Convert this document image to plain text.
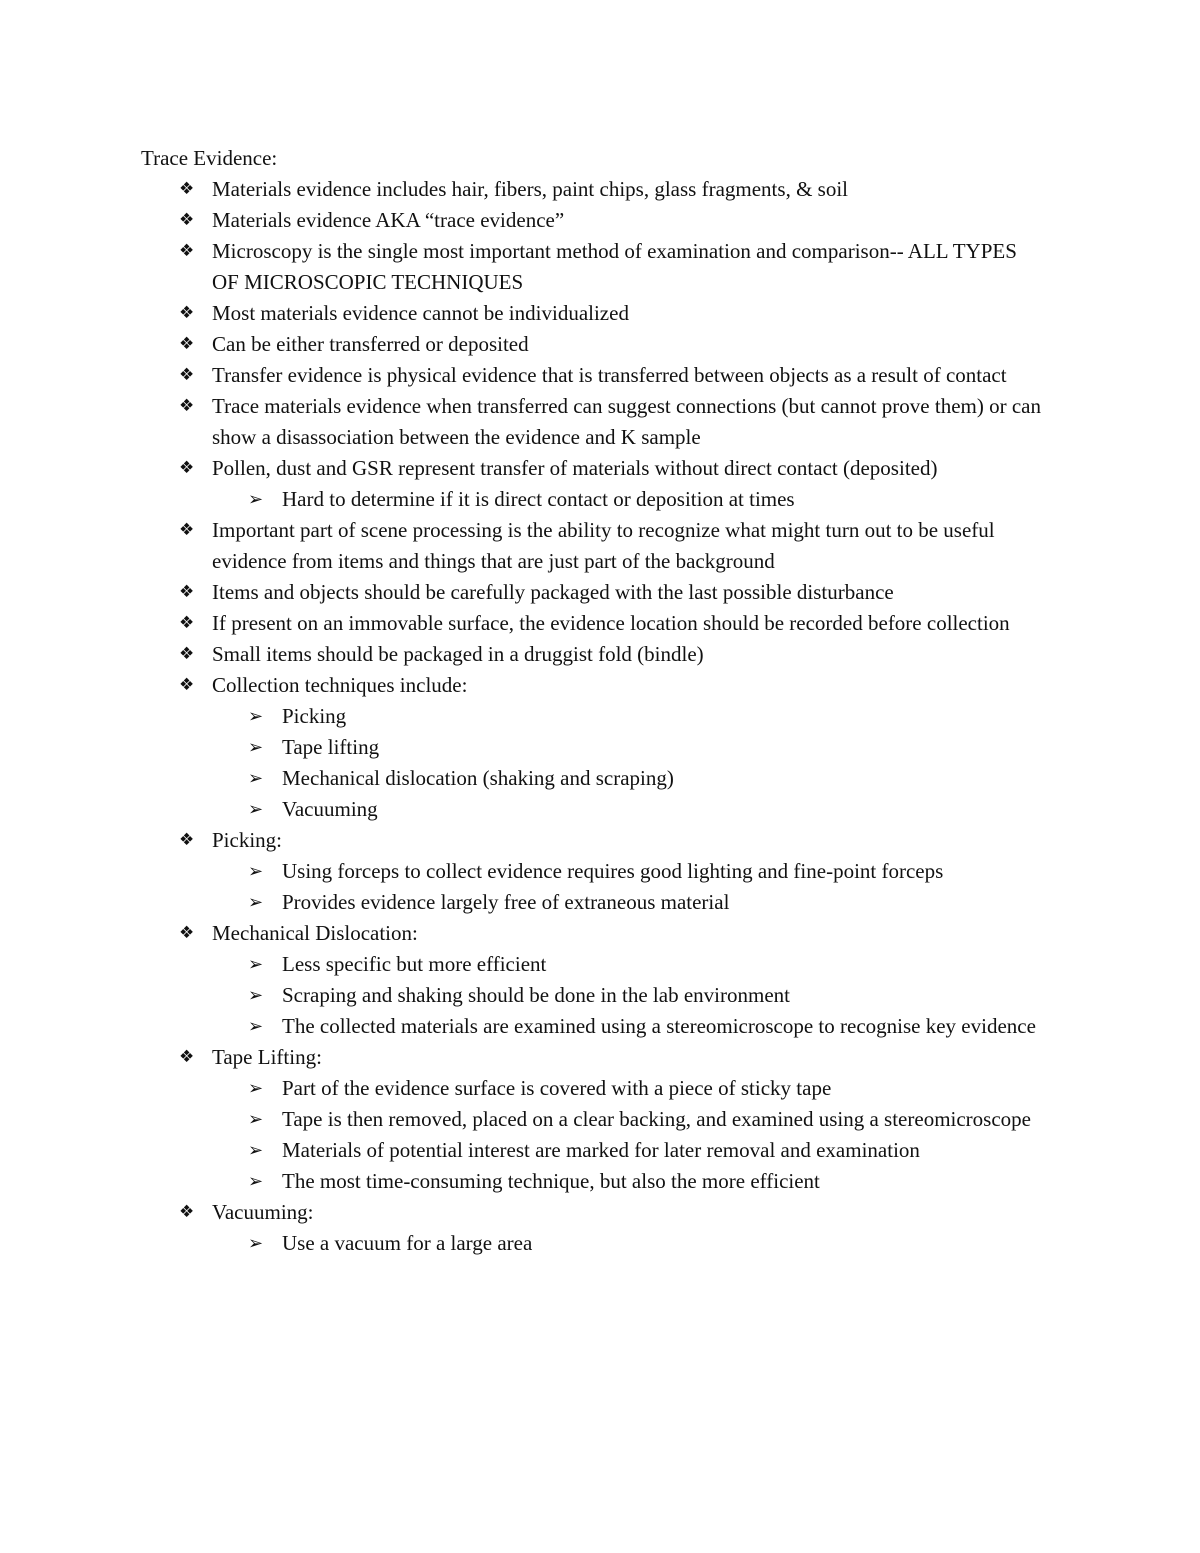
Trace Evidence:
❖ Materials evidence includes hair, fibers, paint chips, glass fragments, & soil
❖ Materials evidence AKA “trace evidence”
❖ Microscopy is the single most important method of examination and comparison-- ALL TYPES OF MICROSCOPIC TECHNIQUES
❖ Most materials evidence cannot be individualized
❖ Can be either transferred or deposited
❖ Transfer evidence is physical evidence that is transferred between objects as a result of contact
❖ Trace materials evidence when transferred can suggest connections (but cannot prove them) or can show a disassociation between the evidence and K sample
❖ Pollen, dust and GSR represent transfer of materials without direct contact (deposited)
➢ Hard to determine if it is direct contact or deposition at times
❖ Important part of scene processing is the ability to recognize what might turn out to be useful evidence from items and things that are just part of the background
❖ Items and objects should be carefully packaged with the last possible disturbance
❖ If present on an immovable surface, the evidence location should be recorded before collection
❖ Small items should be packaged in a druggist fold (bindle)
❖ Collection techniques include:
➢ Picking
➢ Tape lifting
➢ Mechanical dislocation (shaking and scraping)
➢ Vacuuming
❖ Picking:
➢ Using forceps to collect evidence requires good lighting and fine-point forceps
➢ Provides evidence largely free of extraneous material
❖ Mechanical Dislocation:
➢ Less specific but more efficient
➢ Scraping and shaking should be done in the lab environment
➢ The collected materials are examined using a stereomicroscope to recognise key evidence
❖ Tape Lifting:
➢ Part of the evidence surface is covered with a piece of sticky tape
➢ Tape is then removed, placed on a clear backing, and examined using a stereomicroscope
➢ Materials of potential interest are marked for later removal and examination
➢ The most time-consuming technique, but also the more efficient
❖ Vacuuming:
➢ Use a vacuum for a large area
